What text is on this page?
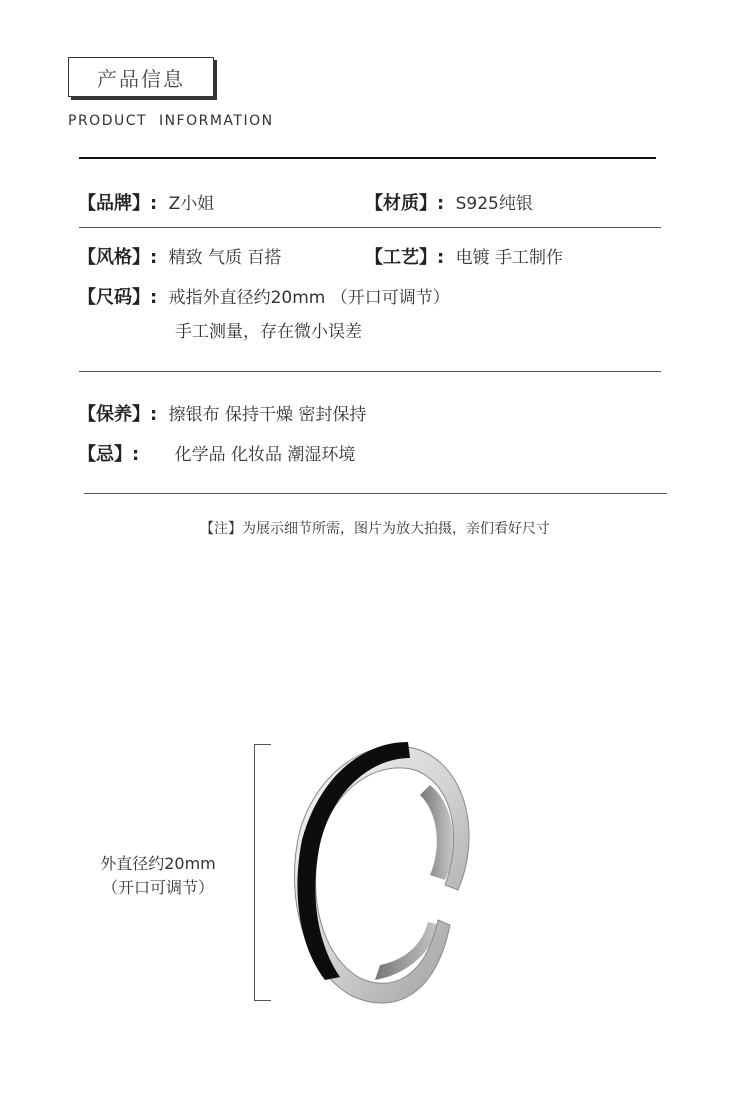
产品信息
PRODUCT  INFORMATION
【品牌】: Z小姐	【材质】: S925纯银
【风格】: 精致 气质 百搭	【工艺】: 电镀 手工制作
【尺码】: 戒指外直径约20mm （开口可调节）
手工测量，存在微小误差
【保养】: 擦银布 保持干燥 密封保持
【忌】: 化学品 化妆品 潮湿环境
【注】为展示细节所需，图片为放大拍摄，亲们看好尺寸
外直径约20mm
（开口可调节）
